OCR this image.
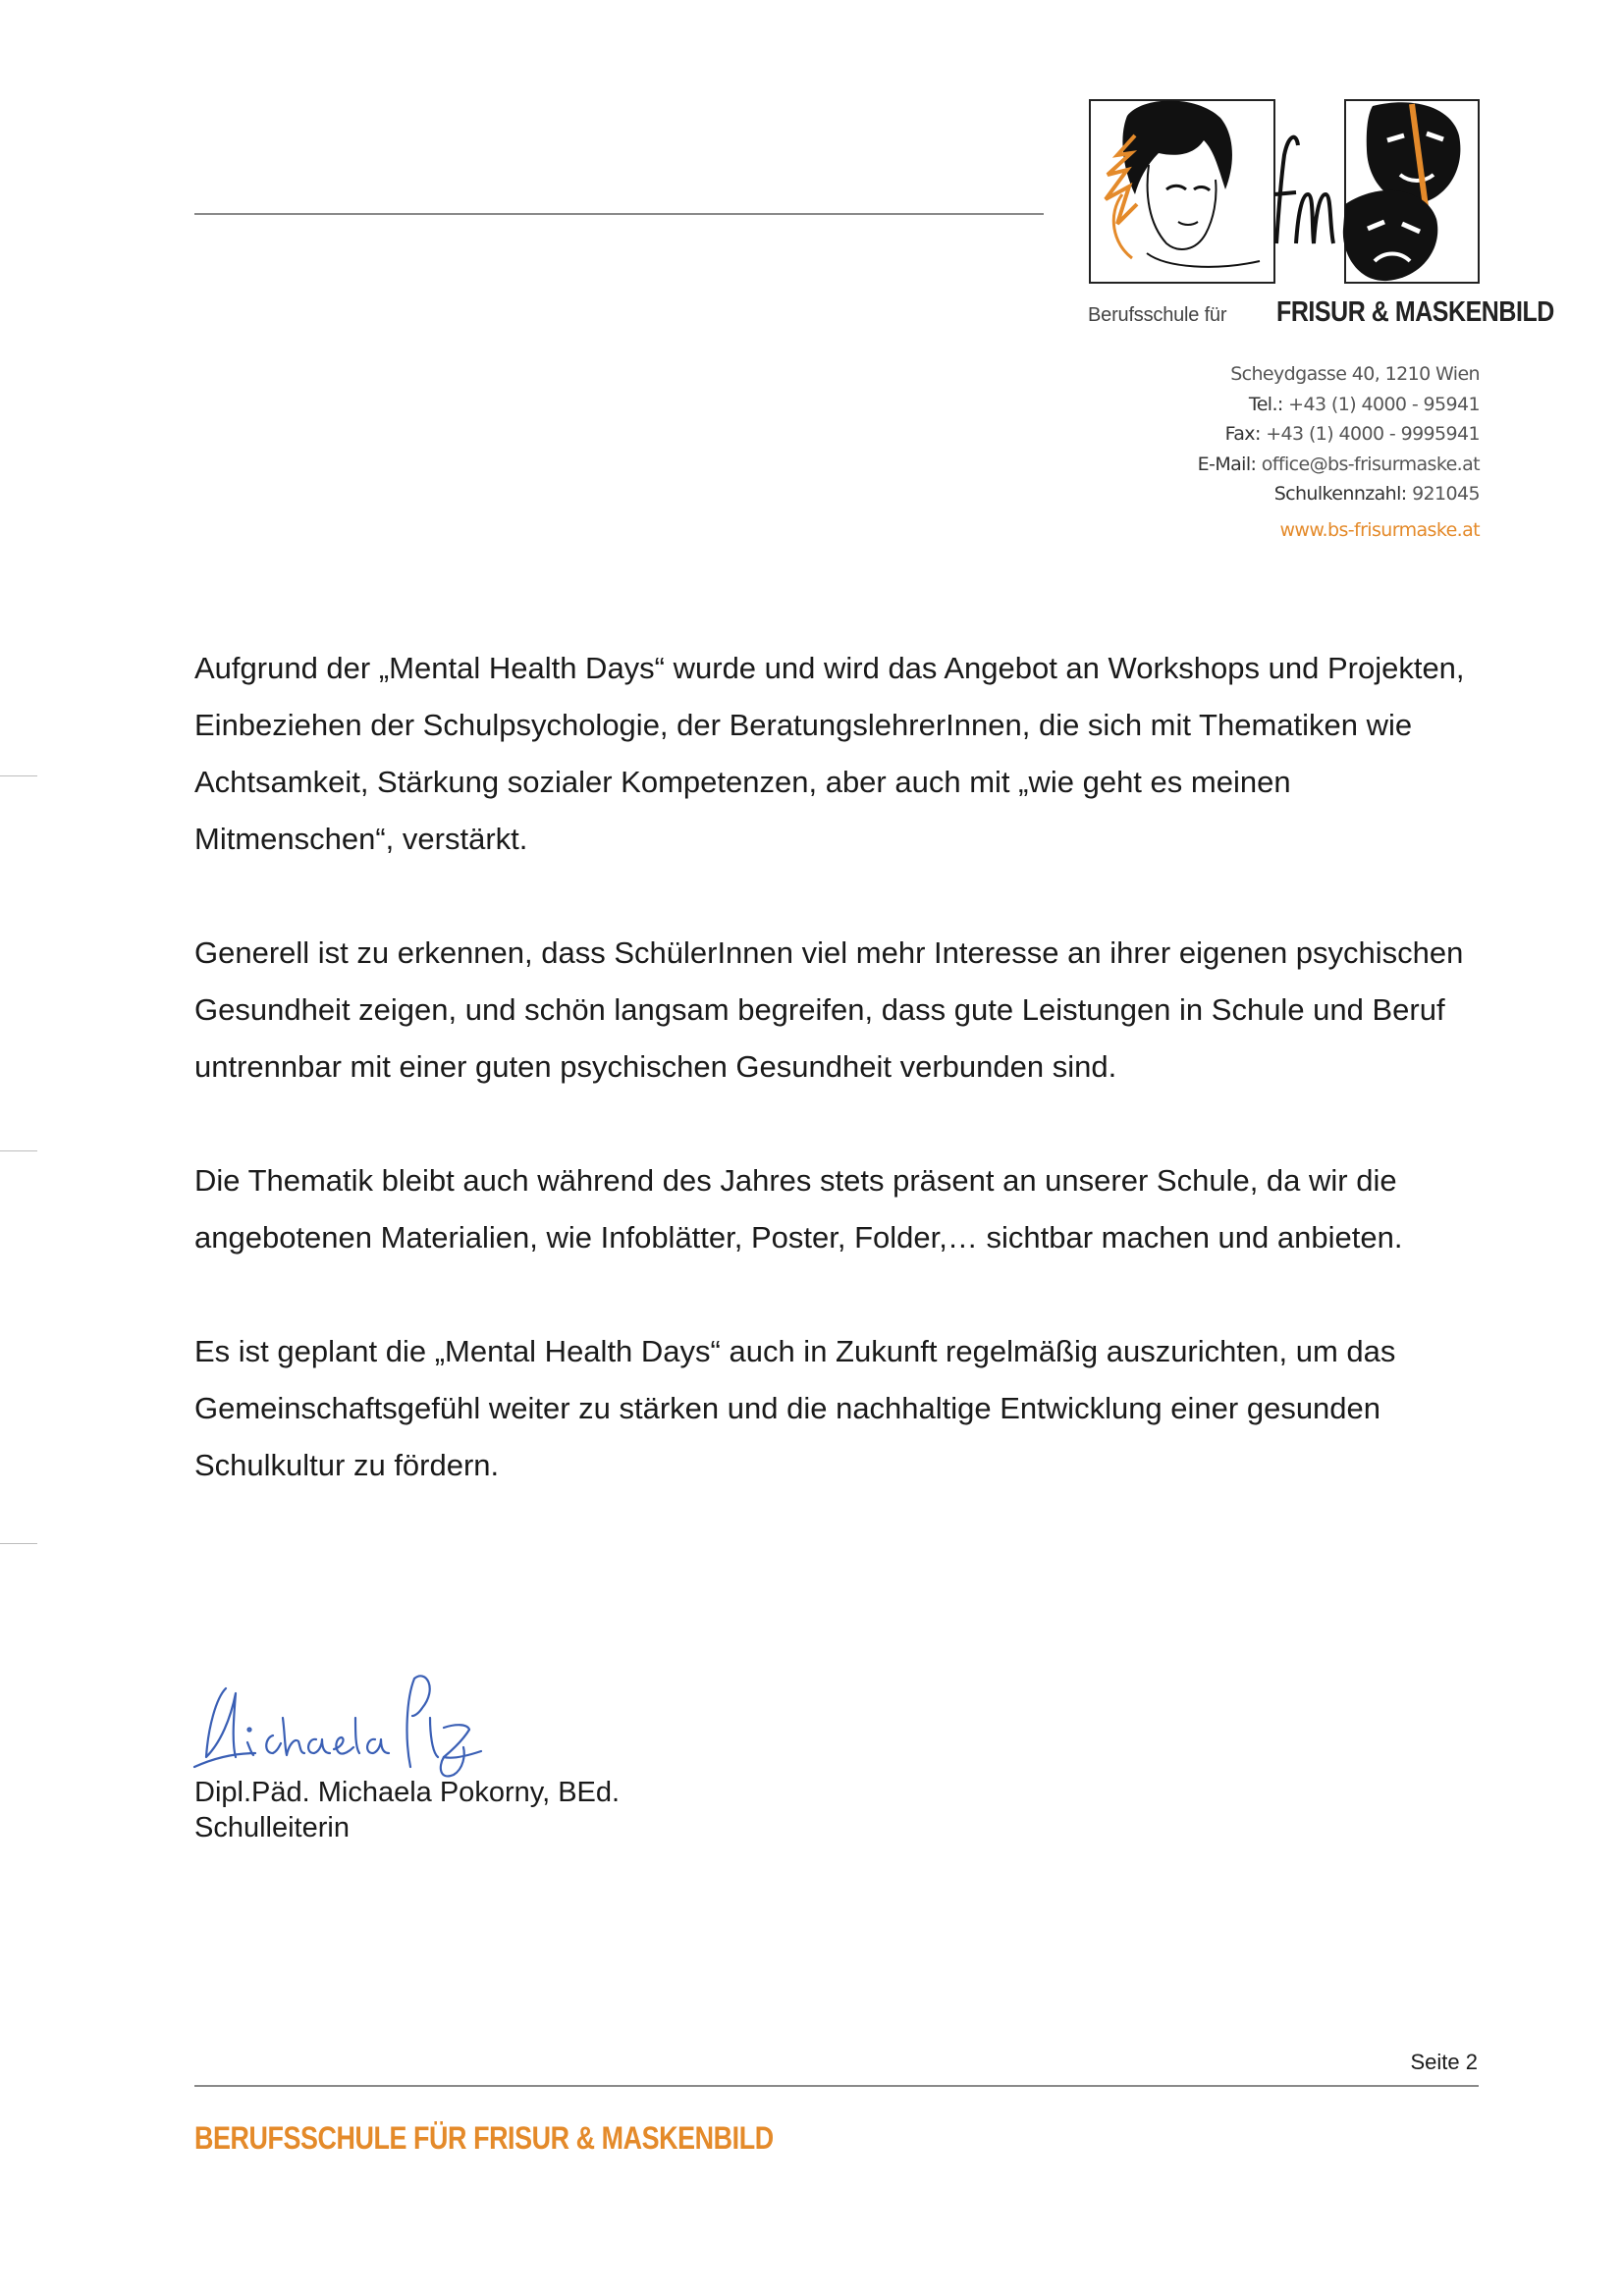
Berufsschule für FRISUR & MASKENBILD
Scheydgasse 40, 1210 Wien
Tel.: +43 (1) 4000 - 95941
Fax: +43 (1) 4000 - 9995941
E-Mail: office@bs-frisurmaske.at
Schulkennzahl: 921045
www.bs-frisurmaske.at

Aufgrund der „Mental Health Days“ wurde und wird das Angebot an Workshops und Projekten, Einbeziehen der Schulpsychologie, der BeratungslehrerInnen, die sich mit Thematiken wie Achtsamkeit, Stärkung sozialer Kompetenzen, aber auch mit „wie geht es meinen Mitmenschen“, verstärkt.

Generell ist zu erkennen, dass SchülerInnen viel mehr Interesse an ihrer eigenen psychischen Gesundheit zeigen, und schön langsam begreifen, dass gute Leistungen in Schule und Beruf untrennbar mit einer guten psychischen Gesundheit verbunden sind.

Die Thematik bleibt auch während des Jahres stets präsent an unserer Schule, da wir die angebotenen Materialien, wie Infoblätter, Poster, Folder,… sichtbar machen und anbieten.

Es ist geplant die „Mental Health Days“ auch in Zukunft regelmäßig auszurichten, um das Gemeinschaftsgefühl weiter zu stärken und die nachhaltige Entwicklung einer gesunden Schulkultur zu fördern.

Dipl.Päd. Michaela Pokorny, BEd.
Schulleiterin
Seite 2
BERUFSSCHULE FÜR FRISUR & MASKENBILD
